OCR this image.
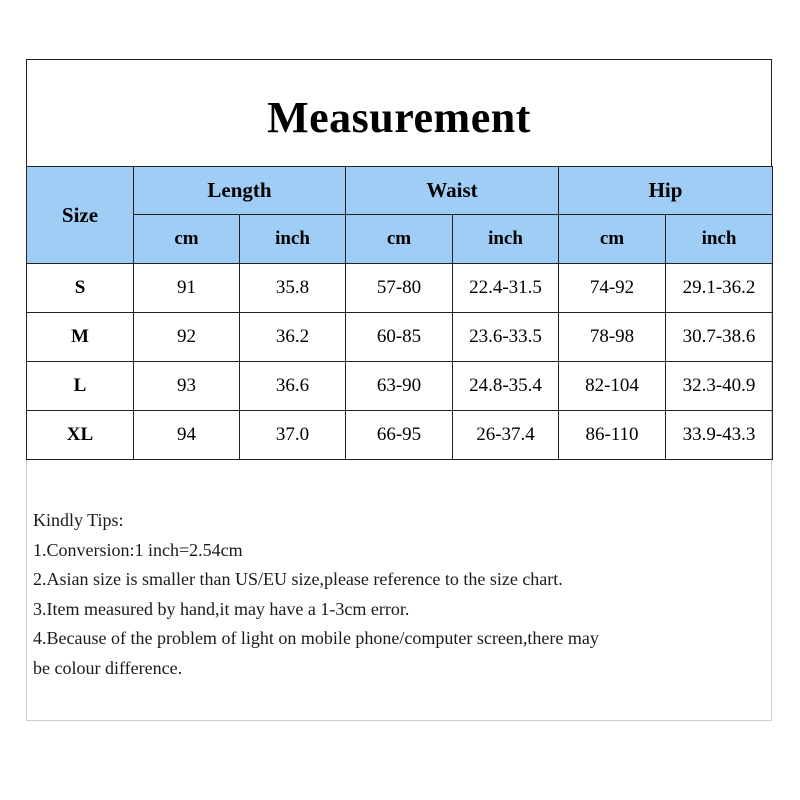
Measurement
Size	Length		Waist		Hip	
	cm	inch	cm	inch	cm	inch
S	91	35.8	57-80	22.4-31.5	74-92	29.1-36.2
M	92	36.2	60-85	23.6-33.5	78-98	30.7-38.6
L	93	36.6	63-90	24.8-35.4	82-104	32.3-40.9
XL	94	37.0	66-95	26-37.4	86-110	33.9-43.3
Kindly Tips:
1.Conversion:1 inch=2.54cm
2.Asian size is smaller than US/EU size,please reference to the size chart.
3.Item measured by hand,it may have a 1-3cm error.
4.Because of the problem of light on mobile phone/computer screen,there may
be colour difference.
